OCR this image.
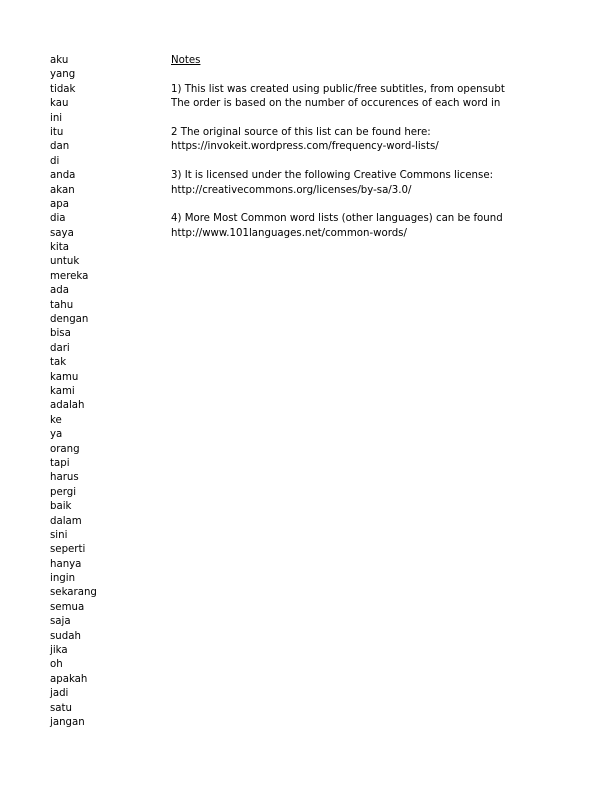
aku
yang
tidak
kau
ini
itu
dan
di
anda
akan
apa
dia
saya
kita
untuk
mereka
ada
tahu
dengan
bisa
dari
tak
kamu
kami
adalah
ke
ya
orang
tapi
harus
pergi
baik
dalam
sini
seperti
hanya
ingin
sekarang
semua
saja
sudah
jika
oh
apakah
jadi
satu
jangan
Notes
1) This list was created using public/free subtitles, from opensubt
The order is based on the number of occurences of each word in
2 The original source of this list can be found here:
https://invokeit.wordpress.com/frequency-word-lists/
3) It is licensed under the following Creative Commons license:
http://creativecommons.org/licenses/by-sa/3.0/
4) More Most Common word lists (other languages) can be found
http://www.101languages.net/common-words/
